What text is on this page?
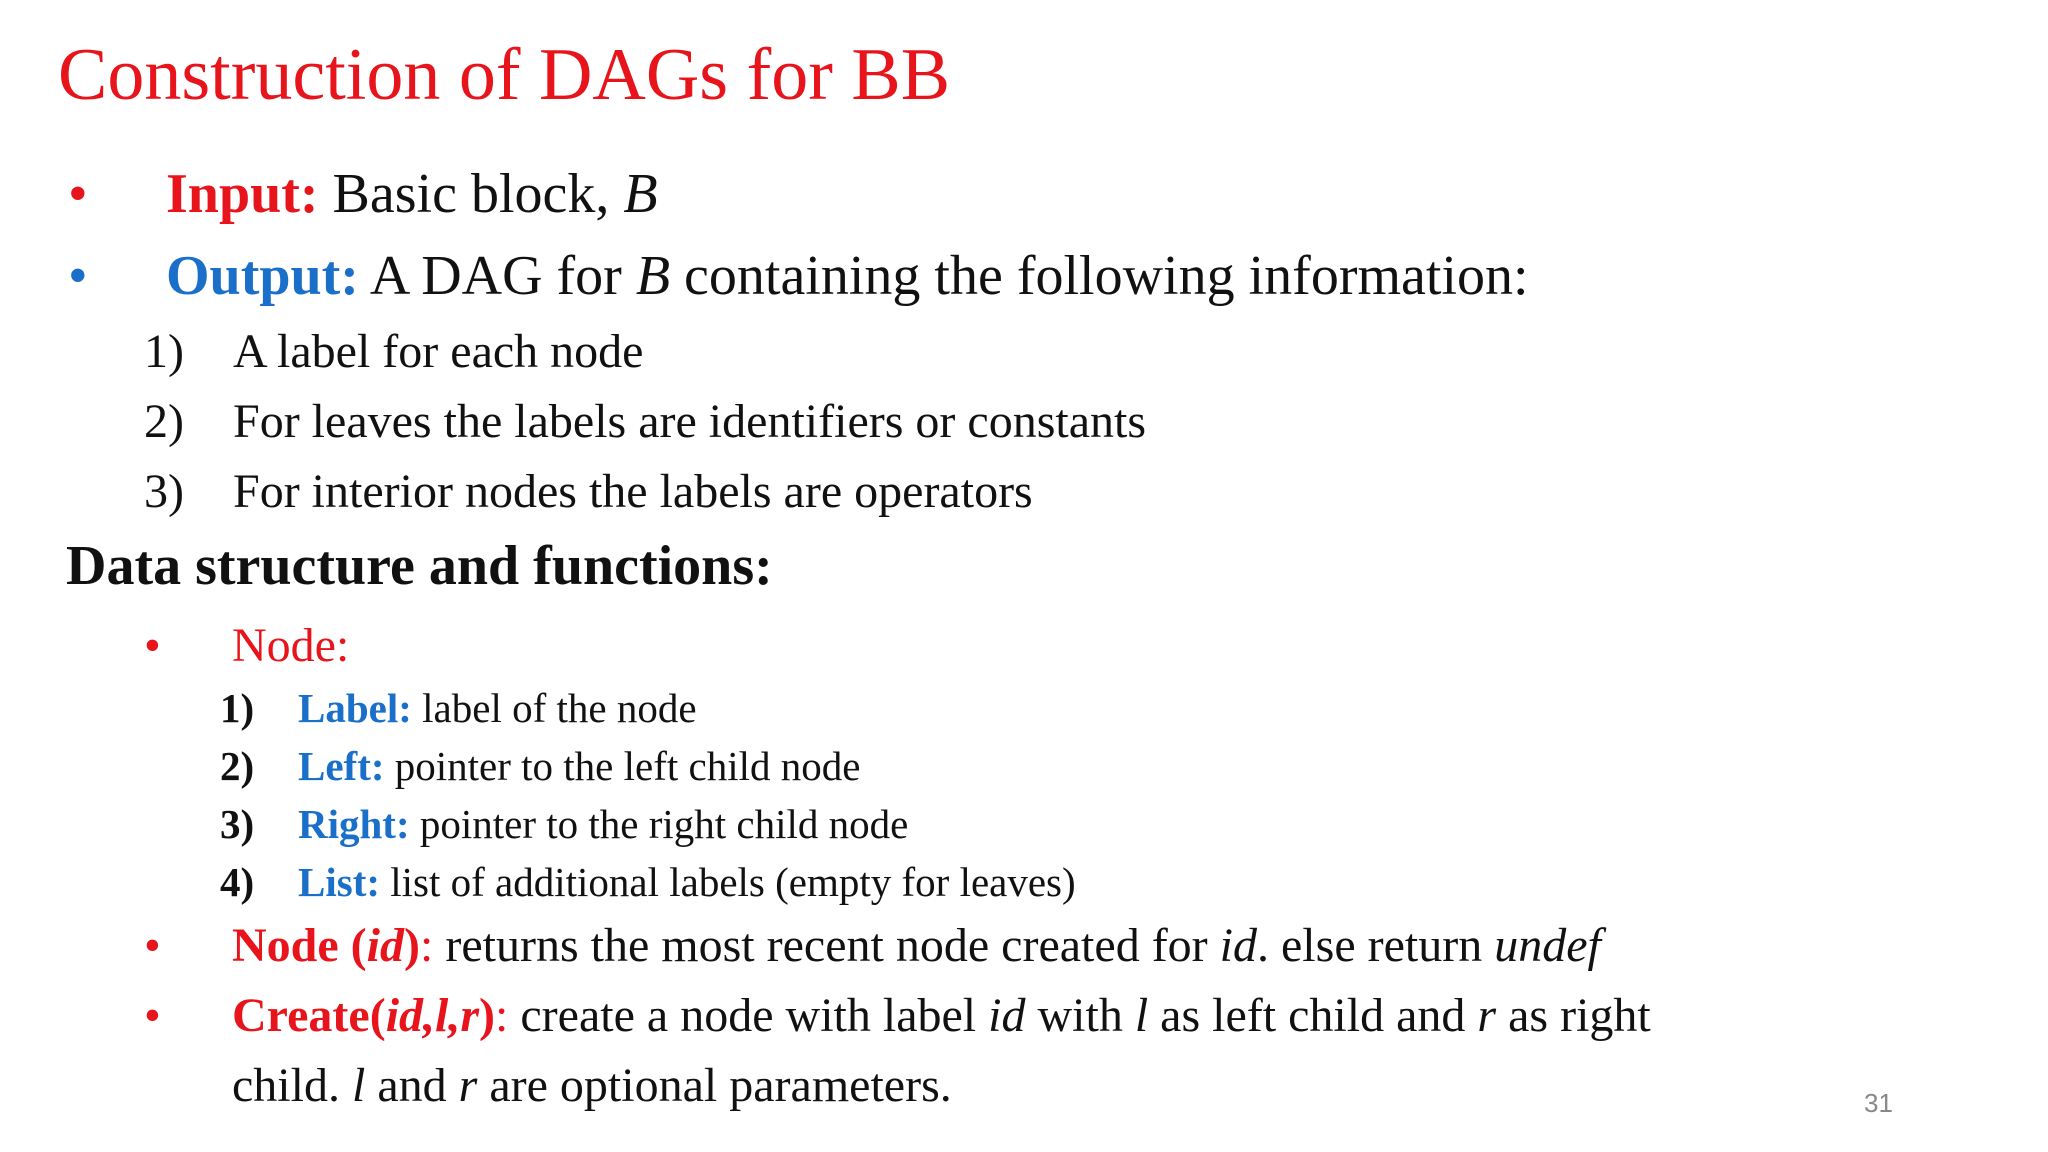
Construction of DAGs for BB
• Input: Basic block, B
• Output: A DAG for B containing the following information:
1) A label for each node
2) For leaves the labels are identifiers or constants
3) For interior nodes the labels are operators
Data structure and functions:
• Node:
1) Label: label of the node
2) Left: pointer to the left child node
3) Right: pointer to the right child node
4) List: list of additional labels (empty for leaves)
• Node (id): returns the most recent node created for id. else return undef
• Create(id,l,r): create a node with label id with l as left child and r as right
child. l and r are optional parameters.	31
